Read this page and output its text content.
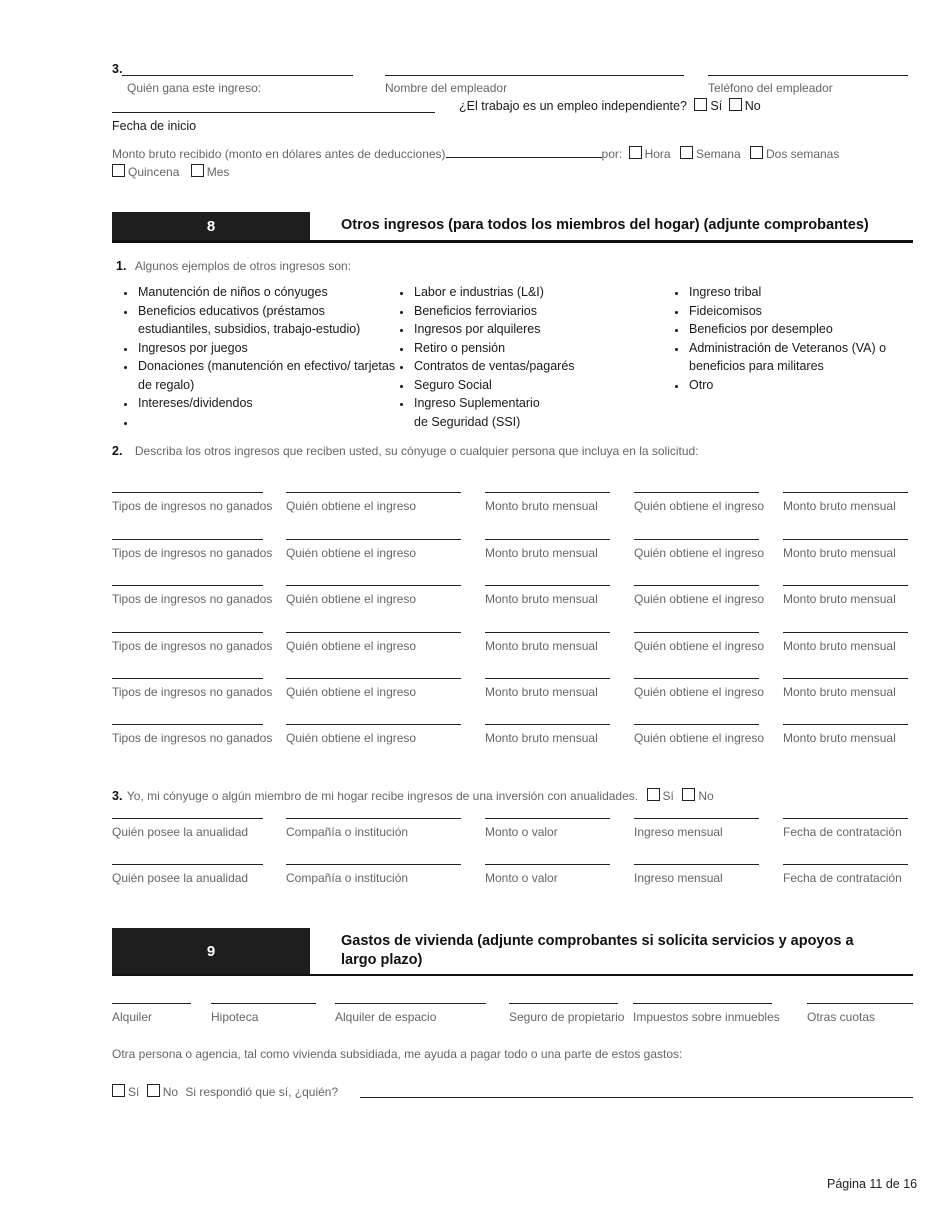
3.
Quién gana este ingreso:	Nombre del empleador	Teléfono del empleador
¿El trabajo es un empleo independiente? Sí No
Fecha de inicio
Monto bruto recibido (monto en dólares antes de deducciones)	por: Hora Semana Dos semanas
Quincena Mes
8	Otros ingresos (para todos los miembros del hogar) (adjunte comprobantes)
1. Algunos ejemplos de otros ingresos son:
• Manutención de niños o cónyuges
• Beneficios educativos (préstamos estudiantiles, subsidios, trabajo-estudio)
• Ingresos por juegos
• Donaciones (manutención en efectivo/ tarjetas de regalo)
• Intereses/dividendos
•
• Labor e industrias (L&I)
• Beneficios ferroviarios
• Ingresos por alquileres
• Retiro o pensión
• Contratos de ventas/pagarés
• Seguro Social
• Ingreso Suplementario de Seguridad (SSI)
• Ingreso tribal
• Fideicomisos
• Beneficios por desempleo
• Administración de Veteranos (VA) o beneficios para militares
• Otro
2. Describa los otros ingresos que reciben usted, su cónyuge o cualquier persona que incluya en la solicitud:
Tipos de ingresos no ganados Quién obtiene el ingreso	Monto bruto mensual	Quién obtiene el ingreso Monto bruto mensual
Tipos de ingresos no ganados Quién obtiene el ingreso	Monto bruto mensual	Quién obtiene el ingreso Monto bruto mensual
Tipos de ingresos no ganados Quién obtiene el ingreso	Monto bruto mensual	Quién obtiene el ingreso Monto bruto mensual
Tipos de ingresos no ganados Quién obtiene el ingreso	Monto bruto mensual	Quién obtiene el ingreso Monto bruto mensual
Tipos de ingresos no ganados Quién obtiene el ingreso	Monto bruto mensual	Quién obtiene el ingreso Monto bruto mensual
Tipos de ingresos no ganados Quién obtiene el ingreso	Monto bruto mensual	Quién obtiene el ingreso Monto bruto mensual
3. Yo, mi cónyuge o algún miembro de mi hogar recibe ingresos de una inversión con anualidades. Sí No
Quién posee la anualidad	Compañía o institución	Monto o valor	Ingreso mensual	Fecha de contratación
Quién posee la anualidad	Compañía o institución	Monto o valor	Ingreso mensual	Fecha de contratación
9
Gastos de vivienda (adjunte comprobantes si solicita servicios y apoyos a largo plazo)
Alquiler	Hipoteca	Alquiler de espacio	Seguro de propietario Impuestos sobre inmuebles Otras cuotas
Otra persona o agencia, tal como vivienda subsidiada, me ayuda a pagar todo o una parte de estos gastos:
Sí No Si respondió que sí, ¿quién?
Página 11 de 16
